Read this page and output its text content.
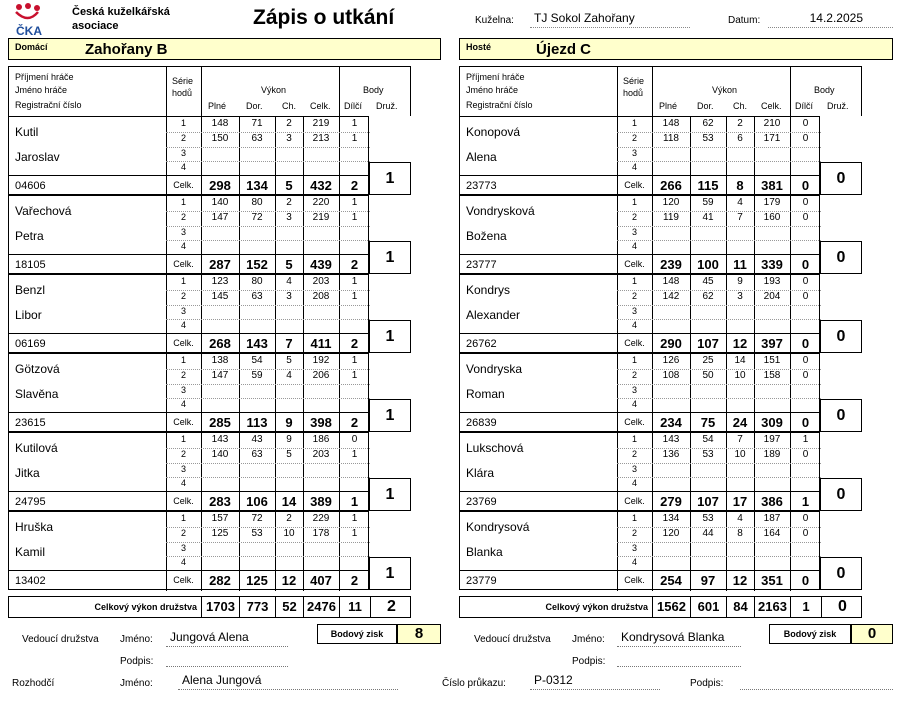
ČKA
Česká kuželkářská
asociace	Zápis o utkání	Kuželna:	TJ Sokol Zahořany	Datum:	14.2.2025
Domácí Zahořany B	Hosté	Újezd C
Příjmení hráče
Jméno hráče
Registrační číslo
Série
hodů	Výkon
Plné Dor. Ch. Celk.
Body
Dílčí Druž.
Kutil
Jaroslav
04606
1	148	71	2	219	1
2	150	63	3	213	1
3
4
Celk.	298	134	5	432	2	1
Vařechová
Petra
18105
1	140	80	2	220	1
2	147	72	3	219	1
3
4
Celk.	287	152	5	439	2	1
Benzl
Libor
06169
1	123	80	4	203	1
2	145	63	3	208	1
3
4
Celk.	268	143	7	411	2	1
Götzová
Slavěna
23615
1	138	54	5	192	1
2	147	59	4	206	1
3
4
Celk.	285	113	9	398	2	1
Kutilová
Jitka
24795
1	143	43	9	186	0
2	140	63	5	203	1
3
4
Celk.	283	106	14	389	1	1
Hruška
Kamil
13402
1	157	72	2	229	1
2	125	53	10	178	1
3
4
Celk.	282	125	12	407	2	1
Celkový výkon družstva 1703 773	52 2476 11	2
Příjmení hráče
Jméno hráče
Registrační číslo
Série
hodů	Výkon
Plné Dor. Ch. Celk.
Body
Dílčí Druž.
Konopová
Alena
23773
1	148	62	2	210	0
2	118	53	6	171	0
3
4
Celk.	266	115	8	381	0	0
Vondrysková
Božena
23777
1	120	59	4	179	0
2	119	41	7	160	0
3
4
Celk.	239	100	11	339	0	0
Kondrys
Alexander
26762
1	148	45	9	193	0
2	142	62	3	204	0
3
4
Celk.	290	107	12	397	0	0
Vondryska
Roman
26839
1	126	25	14	151	0
2	108	50	10	158	0
3
4
Celk.	234	75	24	309	0	0
Lukschová
Klára
23769
1	143	54	7	197	1
2	136	53	10	189	0
3
4
Celk.	279	107	17	386	1	0
Kondrysová
Blanka
23779
1	134	53	4	187	0
2	120	44	8	164	0
3
4
Celk.	254	97	12	351	0	0
Celkový výkon družstva 1562 601	84 2163	1	0
Vedoucí družstva Jméno:	Jungová Alena
Podpis:
Bodový zisk	8	Vedoucí družstva Jméno:	Kondrysová Blanka
Podpis:
Bodový zisk	0
Rozhodčí	Jméno:	Alena Jungová	Číslo průkazu:	P-0312	Podpis:
